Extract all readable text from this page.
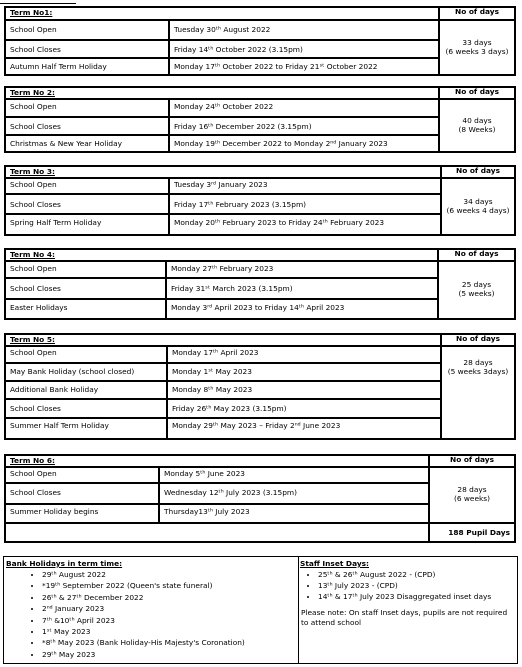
Term No1:	No of days
School Open	Tuesday 30ᵗʰ August 2022
School Closes	Friday 14ᵗʰ October 2022 (3.15pm)
Autumn Half Term Holiday	Monday 17ᵗʰ October 2022 to Friday 21ˢᵗ October 2022
33 days
(6 weeks 3 days)
Term No 2:	No of days
School Open	Monday 24ᵗʰ October 2022
School Closes	Friday 16ᵗʰ December 2022 (3.15pm)
Christmas & New Year Holiday	Monday 19ᵗʰ December 2022 to Monday 2ⁿᵈ January 2023
40 days
(8 Weeks)
Term No 3:	No of days
School Open	Tuesday 3ʳᵈ January 2023
School Closes	Friday 17ᵗʰ February 2023 (3.15pm)
Spring Half Term Holiday	Monday 20ᵗʰ February 2023 to Friday 24ᵗʰ February 2023
34 days
(6 weeks 4 days)
Term No 4:	No of days
School Open	Monday 27ᵗʰ February 2023
School Closes	Friday 31ˢᵗ March 2023 (3.15pm)
Easter Holidays	Monday 3ʳᵈ April 2023 to Friday 14ᵗʰ April 2023
25 days
(5 weeks)
Term No 5:	No of days
School Open	Monday 17ᵗʰ April 2023
May Bank Holiday (school closed)	Monday 1ˢᵗ May 2023
Additional Bank Holiday	Monday 8ᵗʰ May 2023
School Closes	Friday 26ᵗʰ May 2023 (3.15pm)
Summer Half Term Holiday	Monday 29ᵗʰ May 2023 – Friday 2ⁿᵈ June 2023
28 days
(5 weeks 3days)
Term No 6:	No of days
School Open	Monday 5ᵗʰ June 2023
School Closes	Wednesday 12ᵗʰ July 2023 (3.15pm)
Summer Holiday begins	Thursday13ᵗʰ July 2023
28 days
(6 weeks)
188 Pupil Days
Bank Holidays in term time:
• 29ᵗʰ August 2022
• *19ᵗʰ September 2022 (Queen's state funeral)
• 26ᵗʰ & 27ᵗʰ December 2022
• 2ⁿᵈ January 2023
• 7ᵗʰ &10ᵗʰ April 2023
• 1ˢᵗ May 2023
• *8ᵗʰ May 2023 (Bank Holiday-His Majesty's Coronation)
• 29ᵗʰ May 2023
Staff Inset Days:
• 25ᵗʰ & 26ᵗʰ August 2022 - (CPD)
• 13ᵗʰ July 2023 - (CPD)
• 14ᵗʰ & 17ᵗʰ July 2023 Disaggregated inset days
Please note: On staff Inset days, pupils are not required to attend school
